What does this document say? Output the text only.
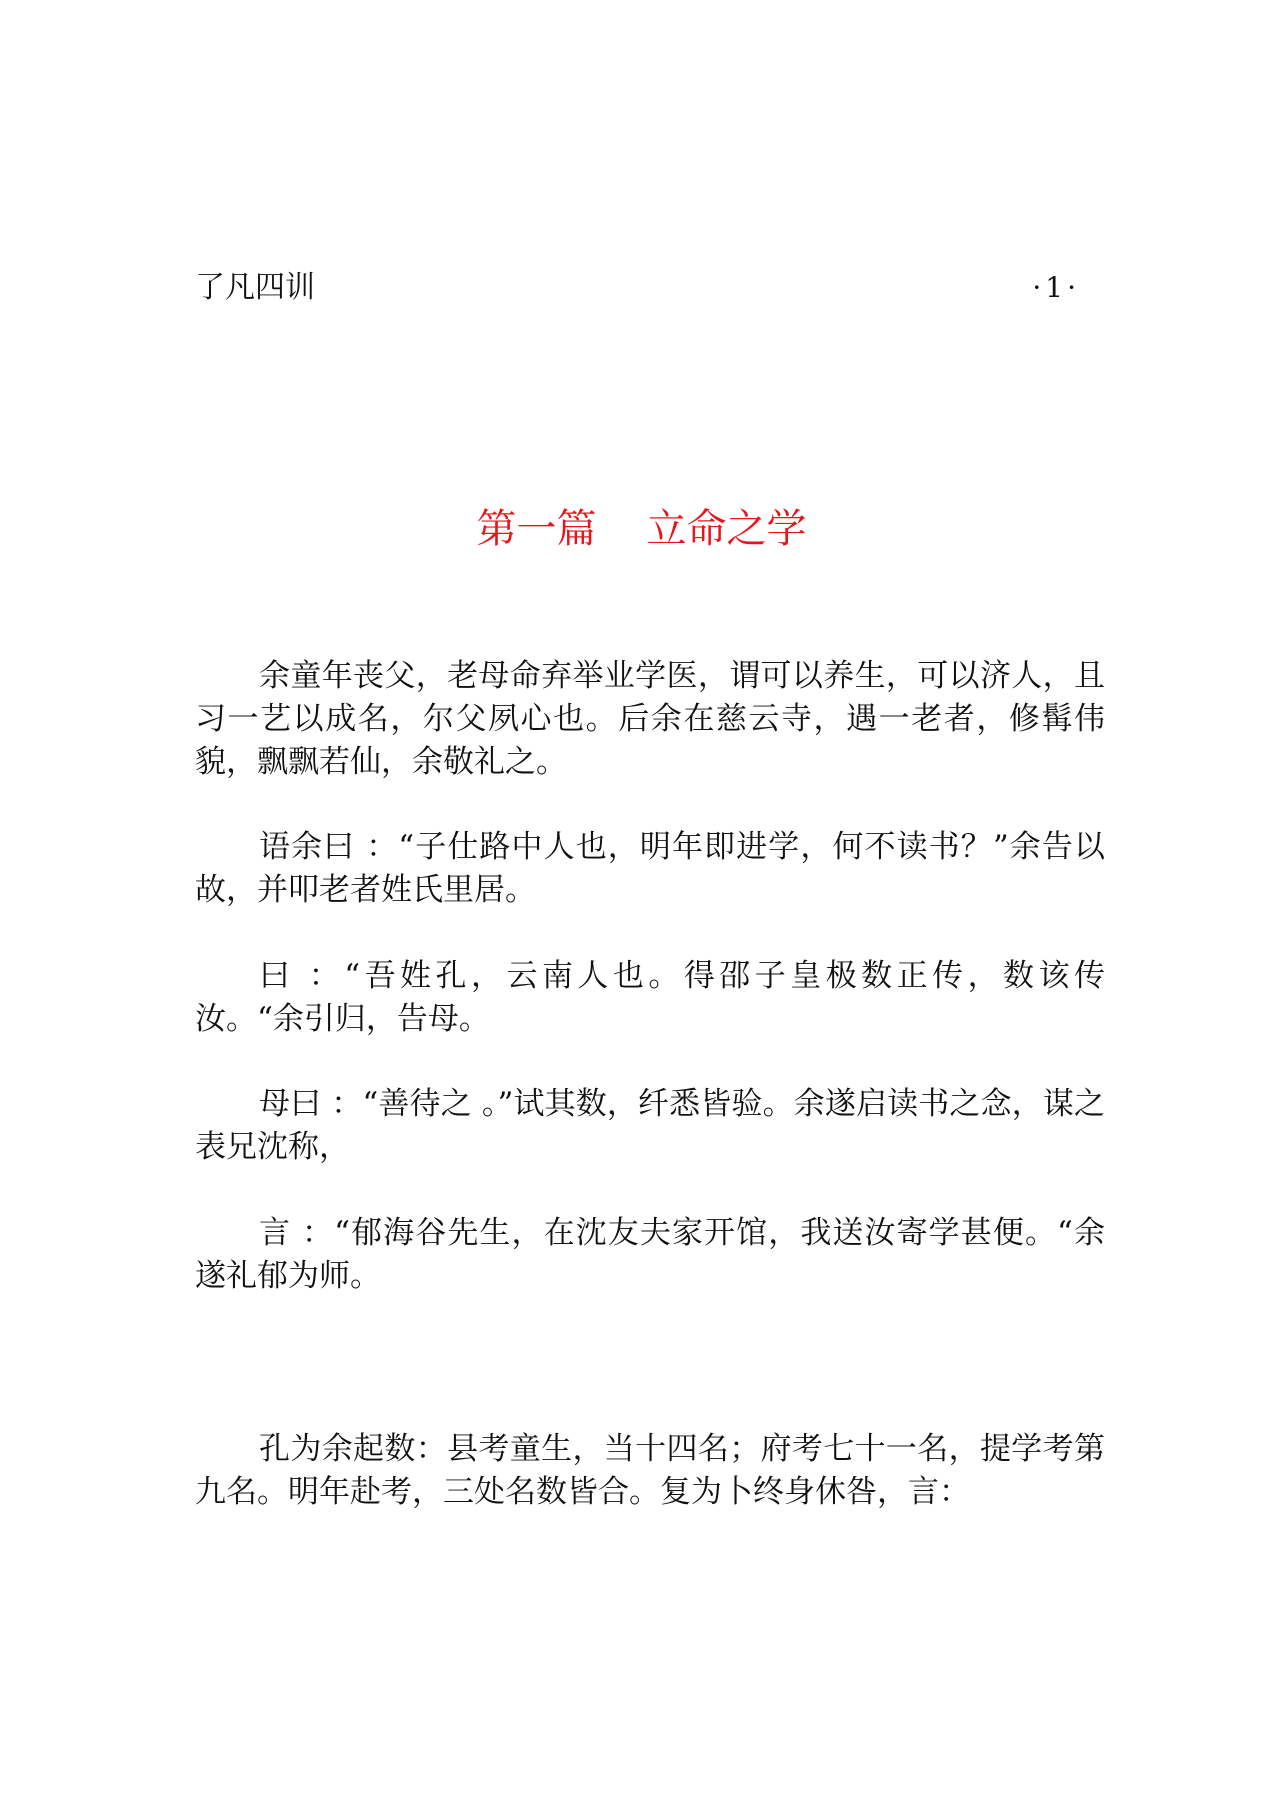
了凡四训	·1·
第一篇 立命之学

余童年丧父，老母命弃举业学医，谓可以养生，可以济人，且习一艺以成名，尔父夙心也。后余在慈云寺，遇一老者，修髯伟貌，飘飘若仙，余敬礼之。

语余曰 ：“子仕路中人也，明年即进学，何不读书？”余告以故，并叩老者姓氏里居。

曰 ：“吾姓孔，云南人也。得邵子皇极数正传，数该传汝。“余引归，告母。

母曰 ：“善待之 。”试其数，纤悉皆验。余遂启读书之念，谋之表兄沈称，

言 ：“郁海谷先生，在沈友夫家开馆，我送汝寄学甚便。“余遂礼郁为师。

孔为余起数：县考童生，当十四名；府考七十一名，提学考第九名。明年赴考，三处名数皆合。复为卜终身休咎，言：
